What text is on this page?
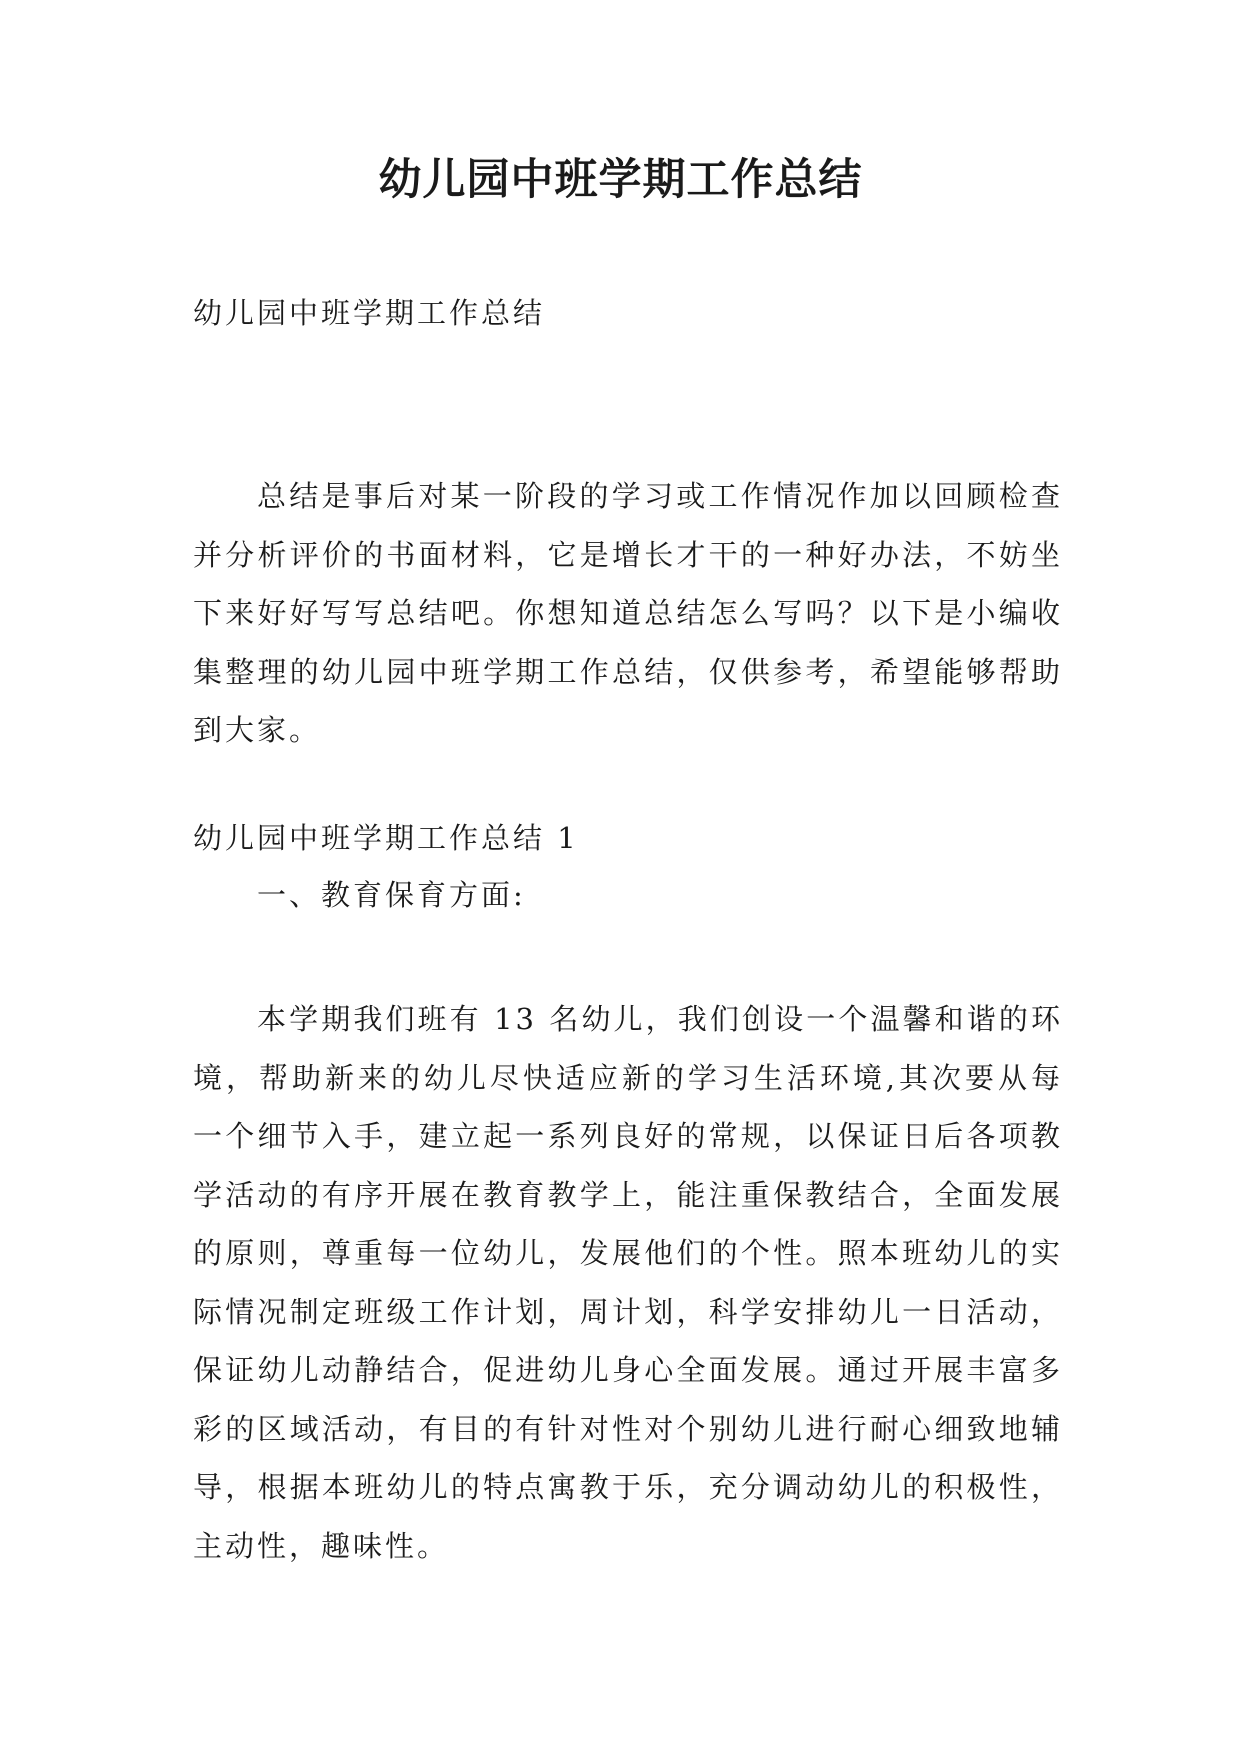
幼儿园中班学期工作总结

幼儿园中班学期工作总结

总结是事后对某一阶段的学习或工作情况作加以回顾检查并分析评价的书面材料，它是增长才干的一种好办法，不妨坐下来好好写写总结吧。你想知道总结怎么写吗？以下是小编收集整理的幼儿园中班学期工作总结，仅供参考，希望能够帮助到大家。

幼儿园中班学期工作总结 1

一、教育保育方面:

本学期我们班有 13 名幼儿，我们创设一个温馨和谐的环境，帮助新来的幼儿尽快适应新的学习生活环境,其次要从每一个细节入手，建立起一系列良好的常规，以保证日后各项教学活动的有序开展在教育教学上，能注重保教结合，全面发展的原则，尊重每一位幼儿，发展他们的个性。照本班幼儿的实际情况制定班级工作计划，周计划，科学安排幼儿一日活动，保证幼儿动静结合，促进幼儿身心全面发展。通过开展丰富多彩的区域活动，有目的有针对性对个别幼儿进行耐心细致地辅导，根据本班幼儿的特点寓教于乐，充分调动幼儿的积极性，主动性，趣味性。
